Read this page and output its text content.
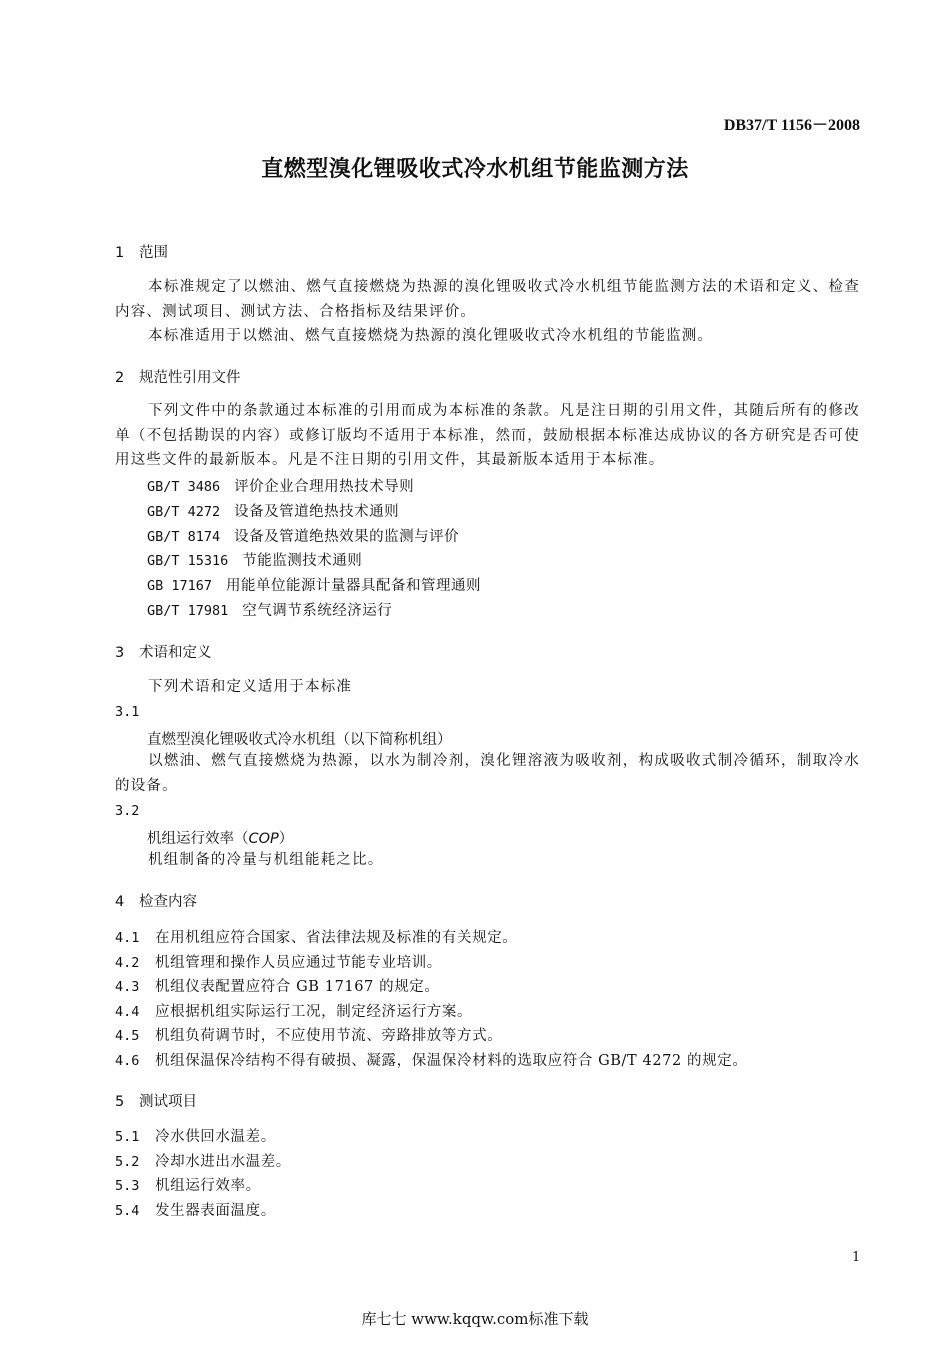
DB37/T 1156－2008
直燃型溴化锂吸收式冷水机组节能监测方法
1 范围
本标准规定了以燃油、燃气直接燃烧为热源的溴化锂吸收式冷水机组节能监测方法的术语和定义、检查内容、测试项目、测试方法、合格指标及结果评价。
本标准适用于以燃油、燃气直接燃烧为热源的溴化锂吸收式冷水机组的节能监测。
2 规范性引用文件
下列文件中的条款通过本标准的引用而成为本标准的条款。凡是注日期的引用文件，其随后所有的修改单（不包括勘误的内容）或修订版均不适用于本标准，然而，鼓励根据本标准达成协议的各方研究是否可使用这些文件的最新版本。凡是不注日期的引用文件，其最新版本适用于本标准。
GB/T 3486 评价企业合理用热技术导则
GB/T 4272 设备及管道绝热技术通则
GB/T 8174 设备及管道绝热效果的监测与评价
GB/T 15316 节能监测技术通则
GB 17167 用能单位能源计量器具配备和管理通则
GB/T 17981 空气调节系统经济运行
3 术语和定义
下列术语和定义适用于本标准
3.1
直燃型溴化锂吸收式冷水机组（以下简称机组）
以燃油、燃气直接燃烧为热源，以水为制冷剂，溴化锂溶液为吸收剂，构成吸收式制冷循环，制取冷水的设备。
3.2
机组运行效率（COP）
机组制备的冷量与机组能耗之比。
4 检查内容
4.1 在用机组应符合国家、省法律法规及标准的有关规定。
4.2 机组管理和操作人员应通过节能专业培训。
4.3 机组仪表配置应符合 GB 17167 的规定。
4.4 应根据机组实际运行工况，制定经济运行方案。
4.5 机组负荷调节时，不应使用节流、旁路排放等方式。
4.6 机组保温保冷结构不得有破损、凝露，保温保冷材料的选取应符合 GB/T 4272 的规定。
5 测试项目
5.1 冷水供回水温差。
5.2 冷却水进出水温差。
5.3 机组运行效率。
5.4 发生器表面温度。
1
库七七 www.kqqw.com标准下载
